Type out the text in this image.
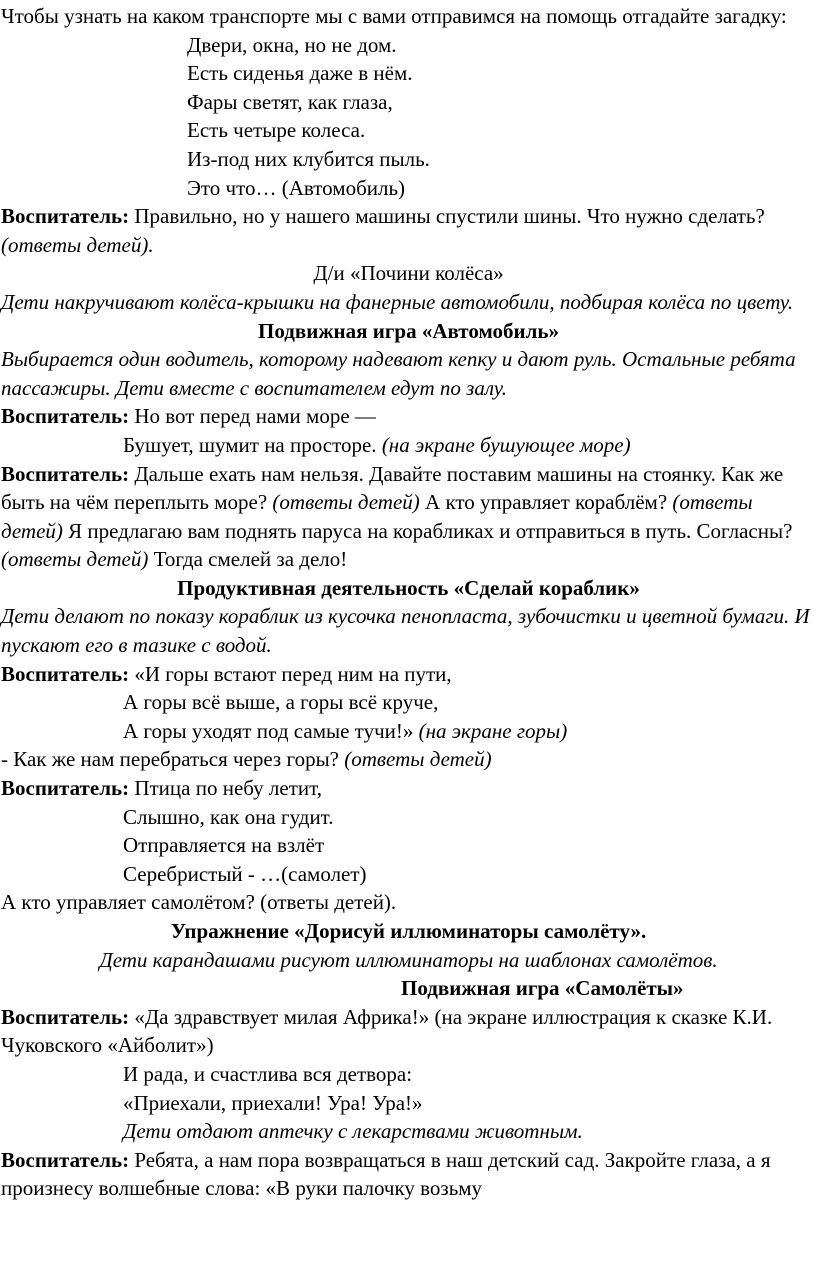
Чтобы узнать на каком транспорте мы с вами отправимся на помощь отгадайте загадку:

Двери, окна, но не дом.

Есть сиденья даже в нём.

Фары светят, как глаза,

Есть четыре колеса.

Из-под них клубится пыль.

Это что… (Автомобиль)

Воспитатель: Правильно, но у нашего машины спустили шины. Что нужно сделать? (ответы детей).

Д/и «Почини колёса»

Дети накручивают колёса-крышки на фанерные автомобили, подбирая колёса по цвету.

Подвижная игра «Автомобиль»

Выбирается один водитель, которому надевают кепку и дают руль. Остальные ребята пассажиры. Дети вместе с воспитателем едут по залу.

Воспитатель: Но вот перед нами море —

Бушует, шумит на просторе. (на экране бушующее море)

Воспитатель: Дальше ехать нам нельзя. Давайте поставим машины на стоянку. Как же быть на чём переплыть море? (ответы детей) А кто управляет кораблём? (ответы детей) Я предлагаю вам поднять паруса на корабликах и отправиться в путь. Согласны? (ответы детей) Тогда смелей за дело!

Продуктивная деятельность «Сделай кораблик»

Дети делают по показу кораблик из кусочка пенопласта, зубочистки и цветной бумаги. И пускают его в тазике с водой.

Воспитатель: «И горы встают перед ним на пути,

А горы всё выше, а горы всё круче,

А горы уходят под самые тучи!» (на экране горы)

- Как же нам перебраться через горы? (ответы детей)

Воспитатель: Птица по небу летит,

Слышно, как она гудит.

Отправляется на взлёт

Серебристый - …(самолет)

А кто управляет самолётом? (ответы детей).

Упражнение «Дорисуй иллюминаторы самолёту».

Дети карандашами рисуют иллюминаторы на шаблонах самолётов.

Подвижная игра «Самолёты»

Воспитатель: «Да здравствует милая Африка!» (на экране иллюстрация к сказке К.И. Чуковского «Айболит»)

И рада, и счастлива вся детвора:

«Приехали, приехали! Ура! Ура!»

Дети отдают аптечку с лекарствами животным.

Воспитатель: Ребята, а нам пора возвращаться в наш детский сад. Закройте глаза, а я произнесу волшебные слова: «В руки палочку возьму
